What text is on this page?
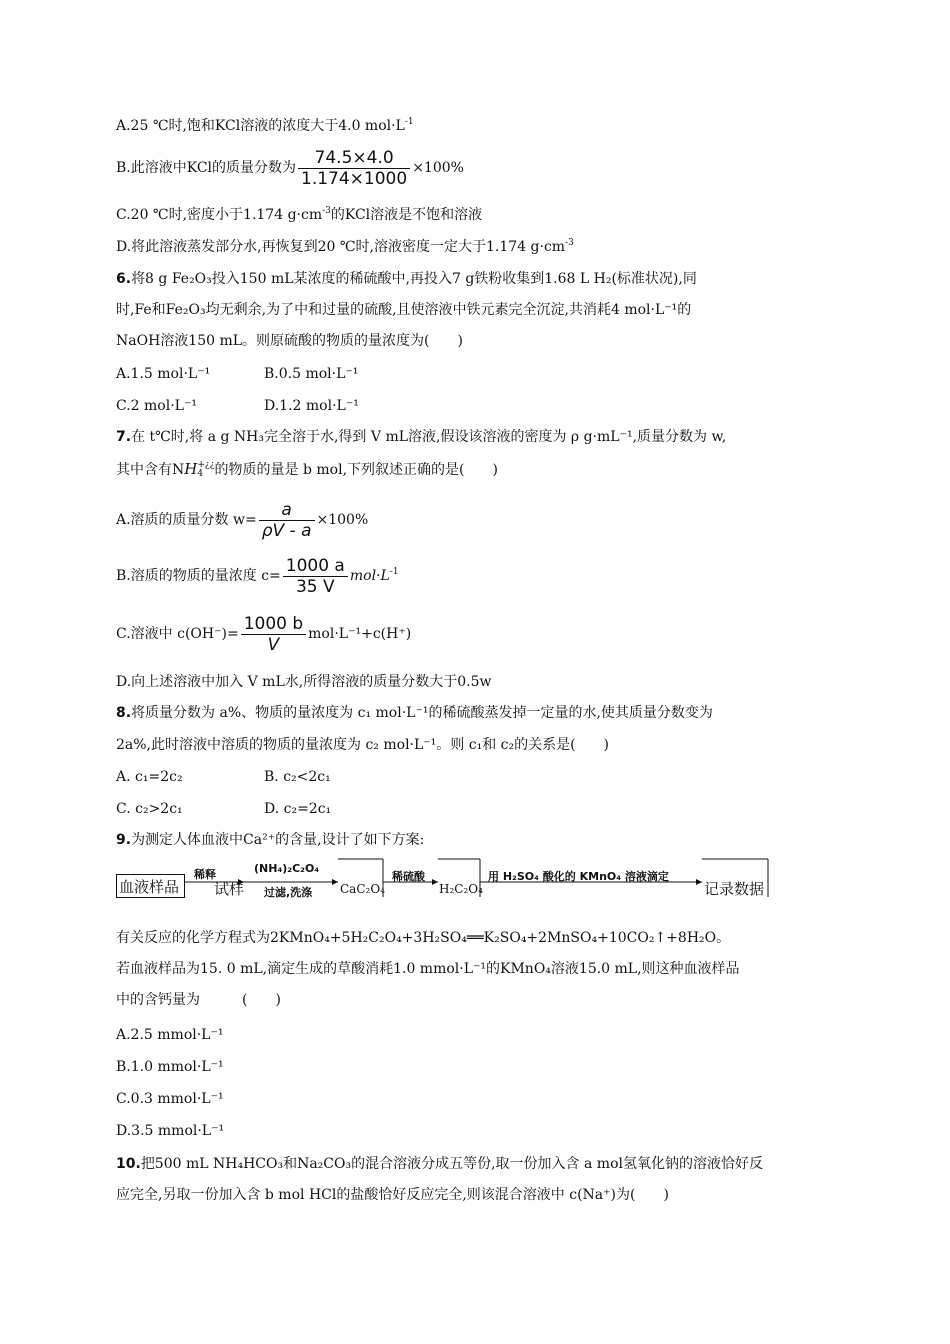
A.25 ℃时,饱和KCl溶液的浓度大于4.0 $mol\cdot L^{-1}$
B.此溶液中KCl的质量分数为 $\frac{74.5\times 4.0}{1.174\times 1000} \times 100\%$
C.20 ℃时,密度小于1.174 $g\cdot cm^{-3}$的KCl溶液是不饱和溶液
D.将此溶液蒸发部分水,再恢复到20 ℃时,溶液密度一定大于1.174 $g\cdot cm^{-3}$
6.将8 g Fe₂O₃投入150 mL某浓度的稀硫酸中,再投入7 g铁粉收集到1.68 L H₂(标准状况),同
时,Fe和Fe₂O₃均无剩余,为了中和过量的硫酸,且使溶液中铁元素完全沉淀,共消耗4 mol·L⁻¹的
NaOH溶液150 mL。则原硫酸的物质的量浓度为(　　)
A.1.5 mol·L⁻¹	B.0.5 mol·L⁻¹
C.2 mol·L⁻¹	D.1.2 mol·L⁻¹
7.在 t℃时,将 a g NH₃完全溶于水,得到 V mL溶液,假设该溶液的密度为 ρ g·mL⁻¹,质量分数为 w,
其中含有NH +¿¿
4 的物质的量是 b mol,下列叙述正确的是(　　)
A.溶质的质量分数 $w= \frac{a}{\rho V - a} \times 100\%$
B.溶质的物质的量浓度 $c= \frac{1000 a}{35 V} mol\cdot L^{-1}$
C.溶液中 $c(OH^-)= \frac{1000 b}{V} mol\cdot L^{-1}+c(H^+)$
D.向上述溶液中加入 V mL水,所得溶液的质量分数大于0.5w
8.将质量分数为 a%、物质的量浓度为 c₁ mol·L⁻¹的稀硫酸蒸发掉一定量的水,使其质量分数变为
2a%,此时溶液中溶质的物质的量浓度为 c₂ mol·L⁻¹。则 c₁和 c₂的关系是(　　)
A. c₁=2c₂	B. c₂<2c₁
C. c₂>2c₁	D. c₂=2c₁
9.为测定人体血液中Ca²⁺的含量,设计了如下方案:
血液样品
稀释
试样
(NH₄)₂C₂O₄
过滤,洗涤 CaC₂O₄
稀硫酸
H₂C₂O₄
用 H₂SO₄ 酸化的 KMnO₄ 溶液滴定
记录数据
有关反应的化学方程式为2KMnO₄+5H₂C₂O₄+3H₂SO₄══K₂SO₄+2MnSO₄+10CO₂↑+8H₂O。
若血液样品为15. 0 mL,滴定生成的草酸消耗1.0 mmol·L⁻¹的KMnO₄溶液15.0 mL,则这种血液样品
中的含钙量为　　　(　　)
A.2.5 mmol·L⁻¹
B.1.0 mmol·L⁻¹
C.0.3 mmol·L⁻¹
D.3.5 mmol·L⁻¹
10.把500 mL NH₄HCO₃和Na₂CO₃的混合溶液分成五等份,取一份加入含 a mol氢氧化钠的溶液恰好反
应完全,另取一份加入含 b mol HCl的盐酸恰好反应完全,则该混合溶液中 c(Na⁺)为(　　)
